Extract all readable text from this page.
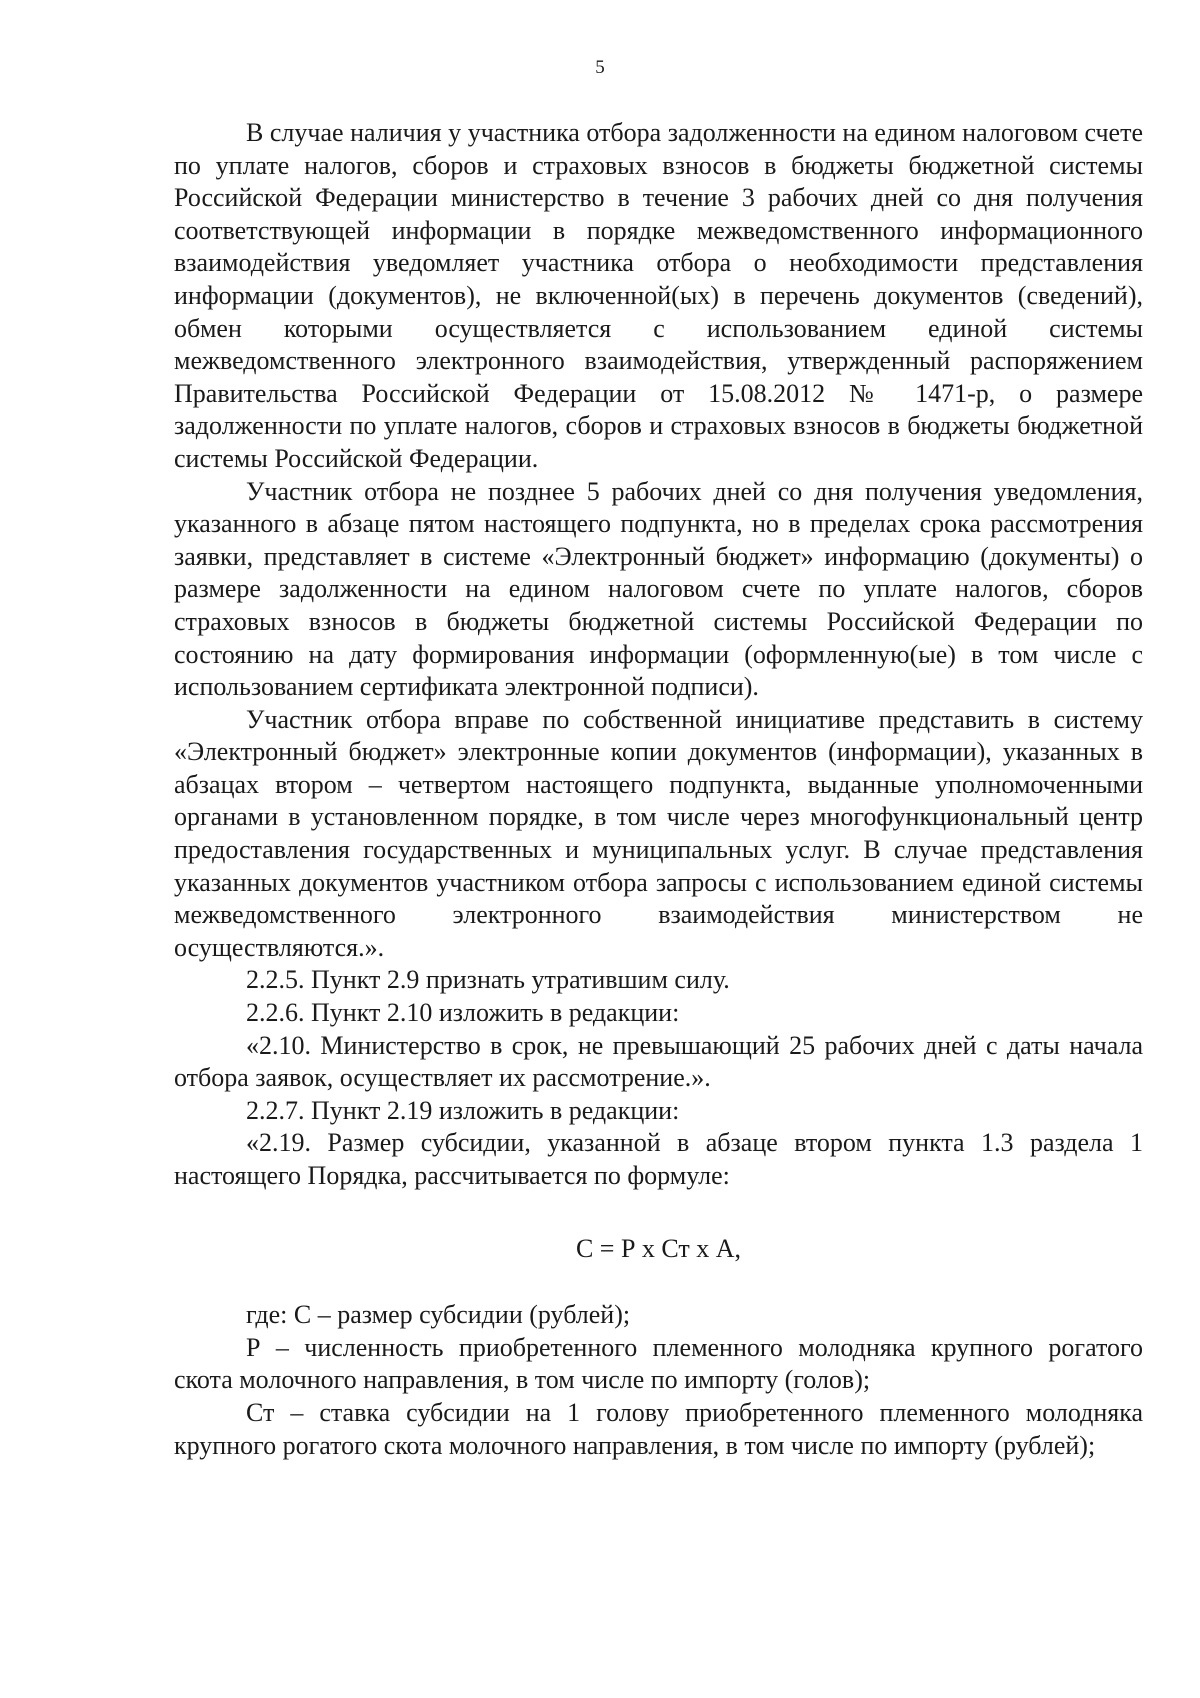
5

В случае наличия у участника отбора задолженности на едином налоговом счете по уплате налогов, сборов и страховых взносов в бюджеты бюджетной системы Российской Федерации министерство в течение 3 рабочих дней со дня получения соответствующей информации в порядке межведомственного информационного взаимодействия уведомляет участника отбора о необходимости представления информации (документов), не включенной(ых) в перечень документов (сведений), обмен которыми осуществляется с использованием единой системы межведомственного электронного взаимодействия, утвержденный распоряжением Правительства Российской Федерации от 15.08.2012 № 1471-р, о размере задолженности по уплате налогов, сборов и страховых взносов в бюджеты бюджетной системы Российской Федерации.

Участник отбора не позднее 5 рабочих дней со дня получения уведомления, указанного в абзаце пятом настоящего подпункта, но в пределах срока рассмотрения заявки, представляет в системе «Электронный бюджет» информацию (документы) о размере задолженности на едином налоговом счете по уплате налогов, сборов страховых взносов в бюджеты бюджетной системы Российской Федерации по состоянию на дату формирования информации (оформленную(ые) в том числе с использованием сертификата электронной подписи).

Участник отбора вправе по собственной инициативе представить в систему «Электронный бюджет» электронные копии документов (информации), указанных в абзацах втором – четвертом настоящего подпункта, выданные уполномоченными органами в установленном порядке, в том числе через многофункциональный центр предоставления государственных и муниципальных услуг. В случае представления указанных документов участником отбора запросы с использованием единой системы межведомственного электронного взаимодействия министерством не осуществляются.».

2.2.5. Пункт 2.9 признать утратившим силу.

2.2.6. Пункт 2.10 изложить в редакции:

«2.10. Министерство в срок, не превышающий 25 рабочих дней с даты начала отбора заявок, осуществляет их рассмотрение.».

2.2.7. Пункт 2.19 изложить в редакции:

«2.19. Размер субсидии, указанной в абзаце втором пункта 1.3 раздела 1 настоящего Порядка, рассчитывается по формуле:

С = Р х Ст х А,

где: С – размер субсидии (рублей);

Р – численность приобретенного племенного молодняка крупного рогатого скота молочного направления, в том числе по импорту (голов);

Ст – ставка субсидии на 1 голову приобретенного племенного молодняка крупного рогатого скота молочного направления, в том числе по импорту (рублей);
